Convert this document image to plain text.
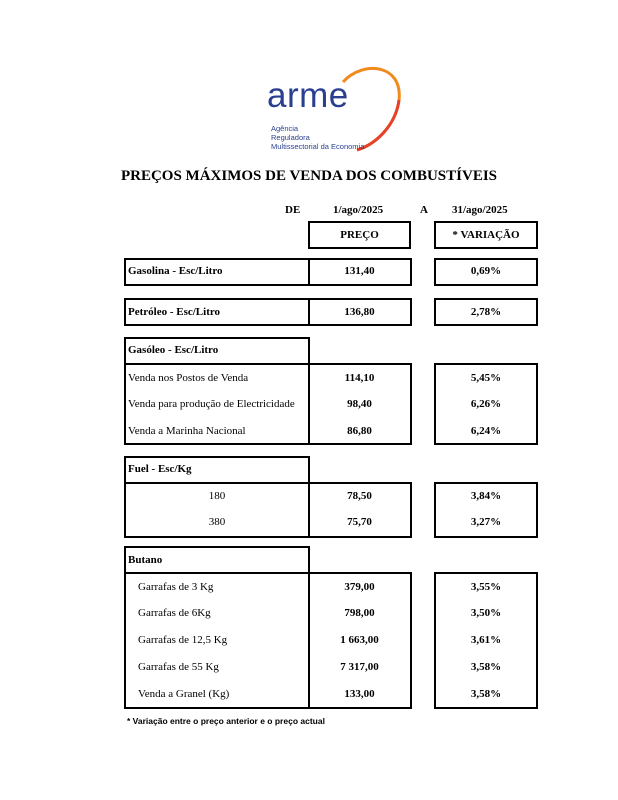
arme
Agência
Reguladora
Multissectorial da Economia
PREÇOS MÁXIMOS DE VENDA DOS COMBUSTÍVEIS
DE	1/ago/2025	A 31/ago/2025
PREÇO	* VARIAÇÃO
Gasolina - Esc/Litro	131,40	0,69%
Petróleo - Esc/Litro	136,80	2,78%
Gasóleo - Esc/Litro
Venda nos Postos de Venda	114,10	5,45%
Venda para produção de Electricidade	98,40	6,26%
Venda a Marinha Nacional	86,80	6,24%
Fuel - Esc/Kg
180	78,50	3,84%
380	75,70	3,27%
Butano
Garrafas de 3 Kg	379,00	3,55%
Garrafas de 6Kg	798,00	3,50%
Garrafas de 12,5 Kg	1 663,00	3,61%
Garrafas de 55 Kg	7 317,00	3,58%
Venda a Granel (Kg)	133,00	3,58%
* Variação entre o preço anterior e o preço actual
